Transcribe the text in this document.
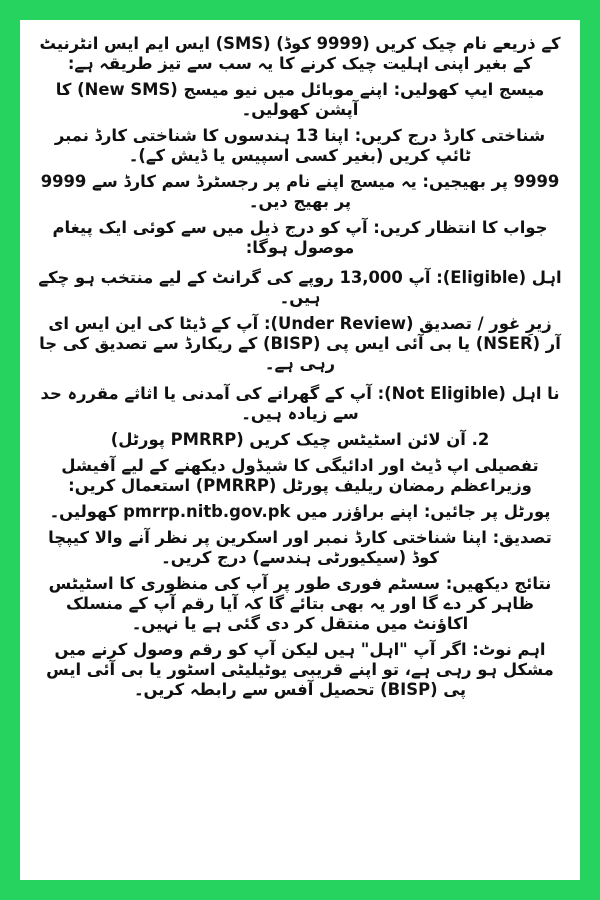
کے ذریعے نام چیک کریں (9999 کوڈ) (SMS) ایس ایم ایس انٹرنیٹ کے بغیر اپنی اہلیت چیک کرنے کا یہ سب سے تیز طریقہ ہے:

میسج ایپ کھولیں: اپنے موبائل میں نیو میسج (New SMS) کا آپشن کھولیں۔

شناختی کارڈ درج کریں: اپنا 13 ہندسوں کا شناختی کارڈ نمبر ٹائپ کریں (بغیر کسی اسپیس یا ڈیش کے)۔

9999 پر بھیجیں: یہ میسج اپنے نام پر رجسٹرڈ سم کارڈ سے 9999 پر بھیج دیں۔

جواب کا انتظار کریں: آپ کو درج ذیل میں سے کوئی ایک پیغام موصول ہوگا:

اہل (Eligible): آپ 13,000 روپے کی گرانٹ کے لیے منتخب ہو چکے ہیں۔

زیرِ غور / تصدیق (Under Review): آپ کے ڈیٹا کی این ایس ای آر (NSER) یا بی آئی ایس پی (BISP) کے ریکارڈ سے تصدیق کی جا رہی ہے۔

نا اہل (Not Eligible): آپ کے گھرانے کی آمدنی یا اثاثے مقررہ حد سے زیادہ ہیں۔

2. آن لائن اسٹیٹس چیک کریں (PMRRP پورٹل)

تفصیلی اپ ڈیٹ اور ادائیگی کا شیڈول دیکھنے کے لیے آفیشل وزیراعظم رمضان ریلیف پورٹل (PMRRP) استعمال کریں:

پورٹل پر جائیں: اپنے براؤزر میں pmrrp.nitb.gov.pk کھولیں۔

تصدیق: اپنا شناختی کارڈ نمبر اور اسکرین پر نظر آنے والا کیپچا کوڈ (سیکیورٹی ہندسے) درج کریں۔

نتائج دیکھیں: سسٹم فوری طور پر آپ کی منظوری کا اسٹیٹس ظاہر کر دے گا اور یہ بھی بتائے گا کہ آیا رقم آپ کے منسلک اکاؤنٹ میں منتقل کر دی گئی ہے یا نہیں۔

اہم نوٹ: اگر آپ "اہل" ہیں لیکن آپ کو رقم وصول کرنے میں مشکل ہو رہی ہے، تو اپنے قریبی یوٹیلیٹی اسٹور یا بی آئی ایس پی (BISP) تحصیل آفس سے رابطہ کریں۔
